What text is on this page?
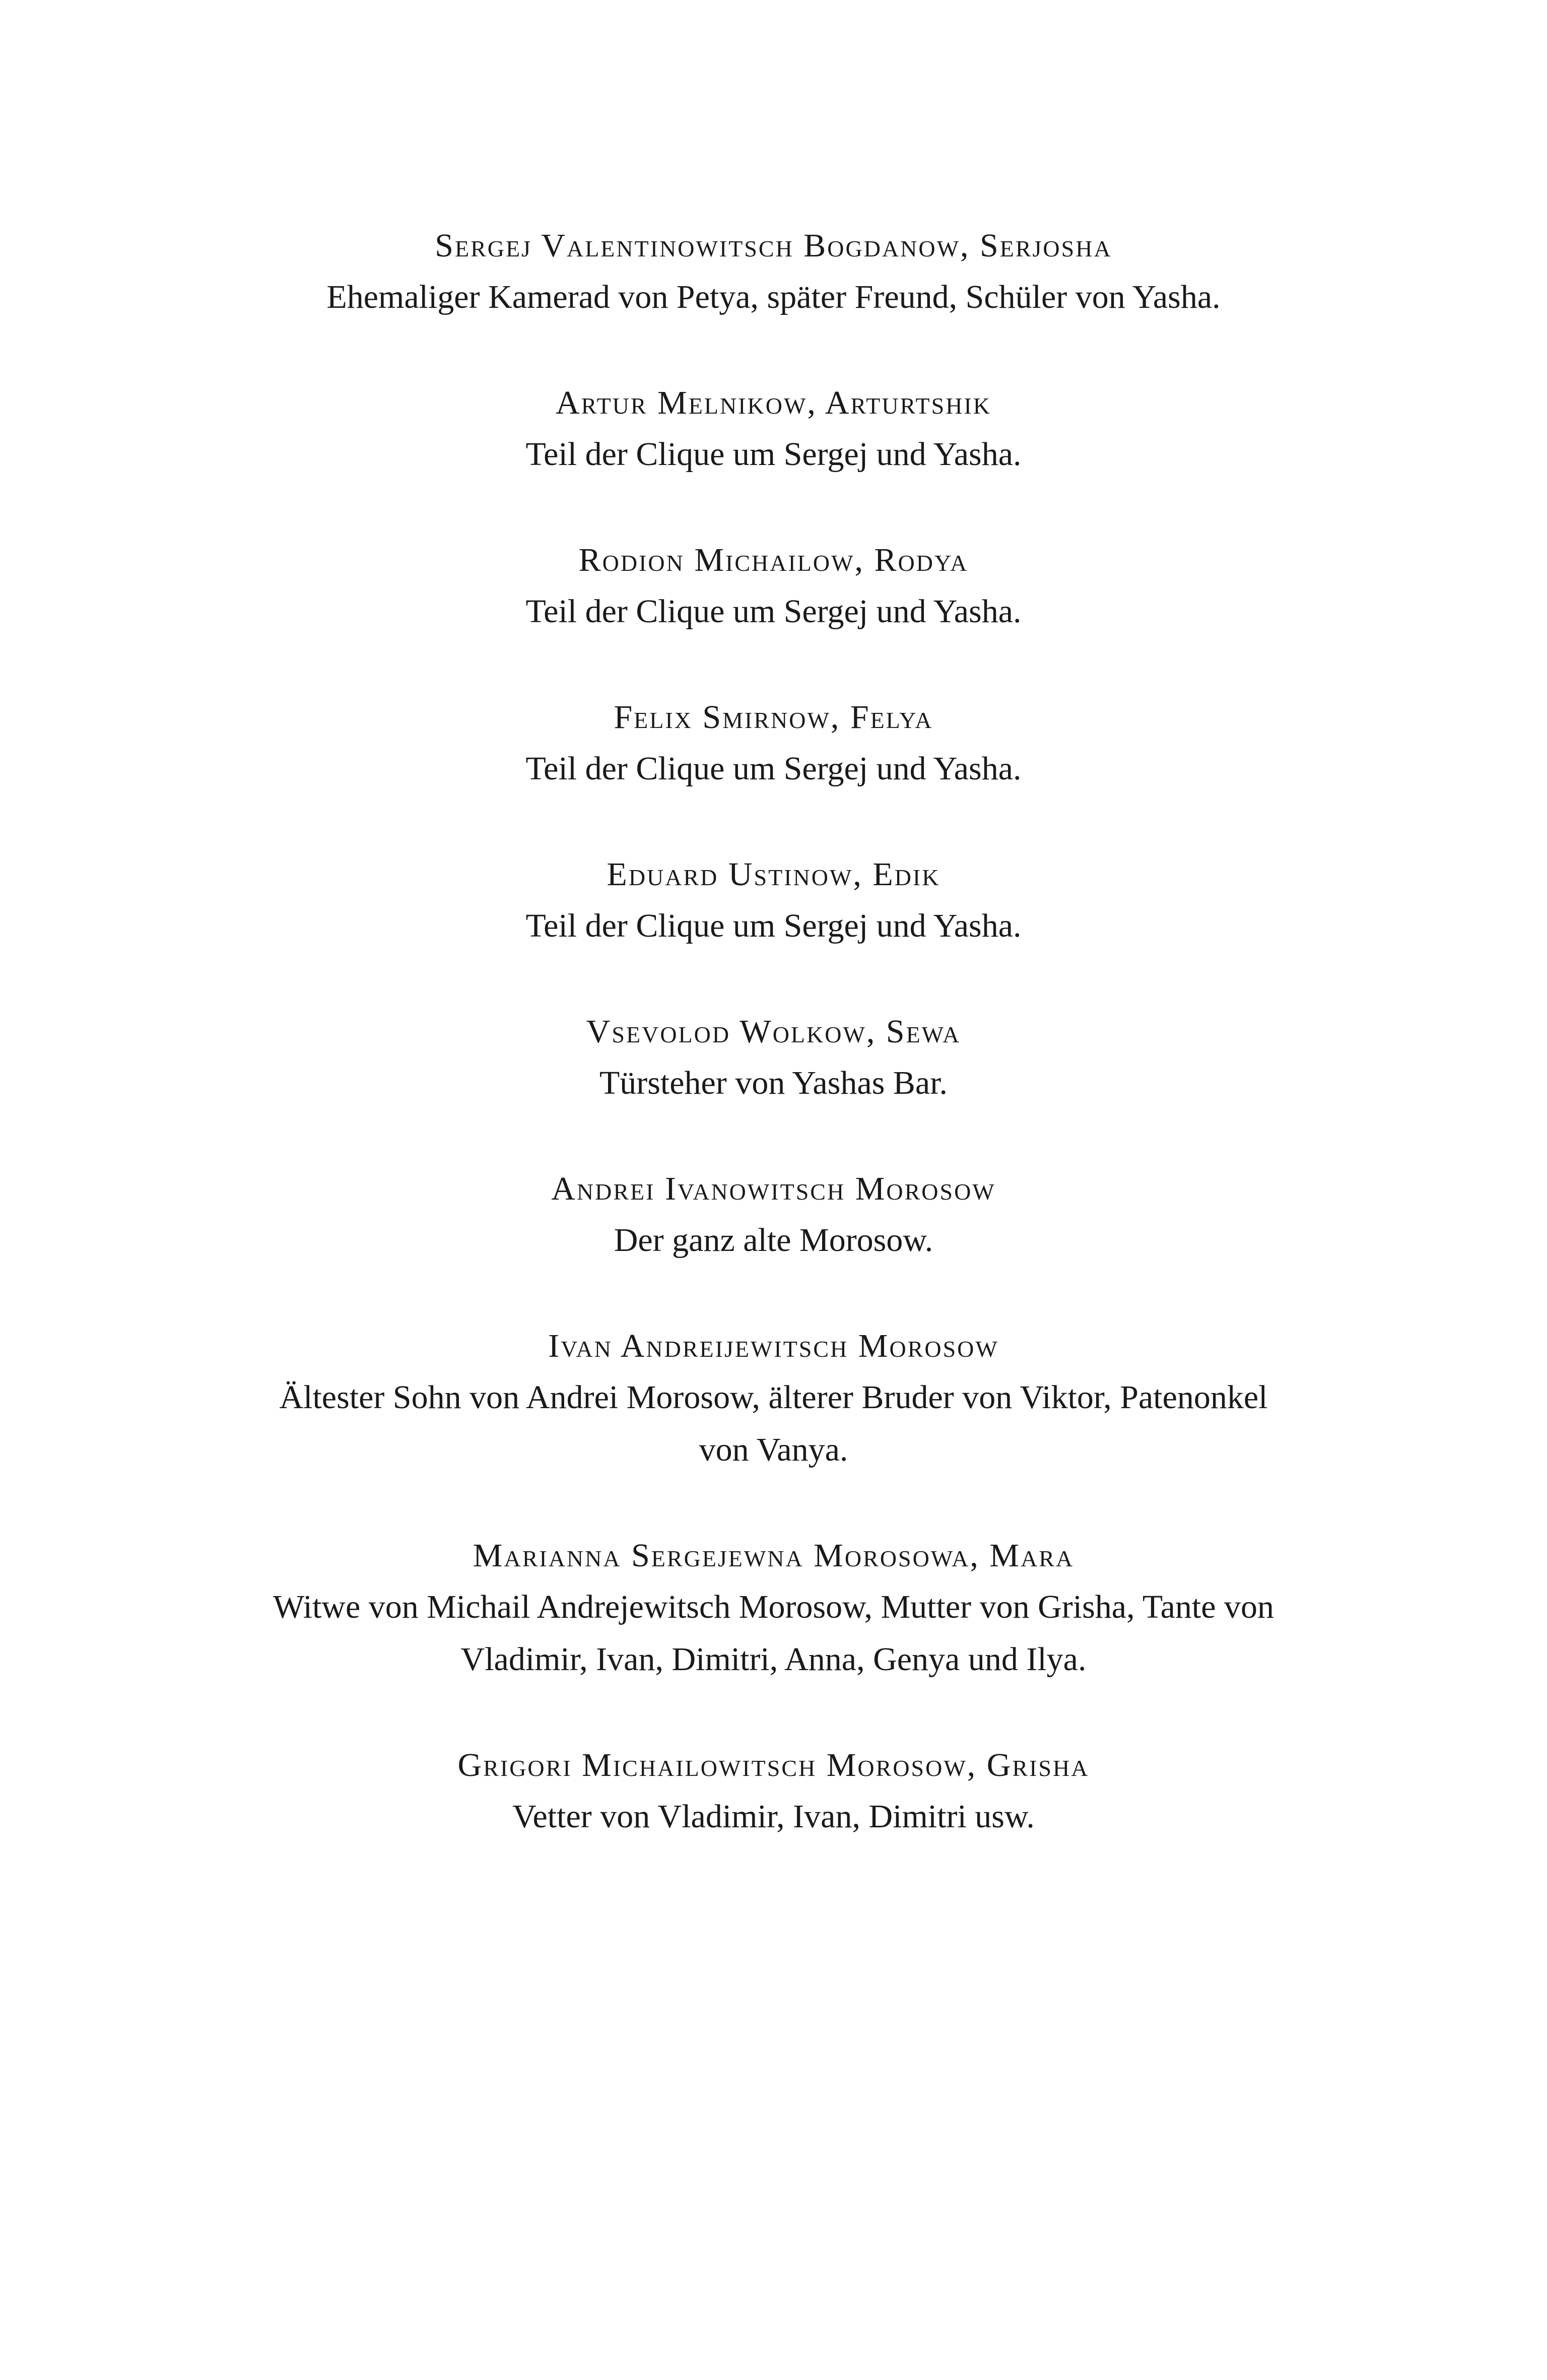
Sergej Valentinowitsch Bogdanow, Serjosha

Ehemaliger Kamerad von Petya, später Freund, Schüler von Yasha.

Artur Melnikow, Arturtshik

Teil der Clique um Sergej und Yasha.

Rodion Michailow, Rodya

Teil der Clique um Sergej und Yasha.

Felix Smirnow, Felya

Teil der Clique um Sergej und Yasha.

Eduard Ustinow, Edik

Teil der Clique um Sergej und Yasha.

Vsevolod Wolkow, Sewa

Türsteher von Yashas Bar.

Andrei Ivanowitsch Morosow

Der ganz alte Morosow.

Ivan Andreijewitsch Morosow

Ältester Sohn von Andrei Morosow, älterer Bruder von Viktor, Patenonkel von Vanya.

Marianna Sergejewna Morosowa, Mara

Witwe von Michail Andrejewitsch Morosow, Mutter von Grisha, Tante von Vladimir, Ivan, Dimitri, Anna, Genya und Ilya.

Grigori Michailowitsch Morosow, Grisha

Vetter von Vladimir, Ivan, Dimitri usw.
